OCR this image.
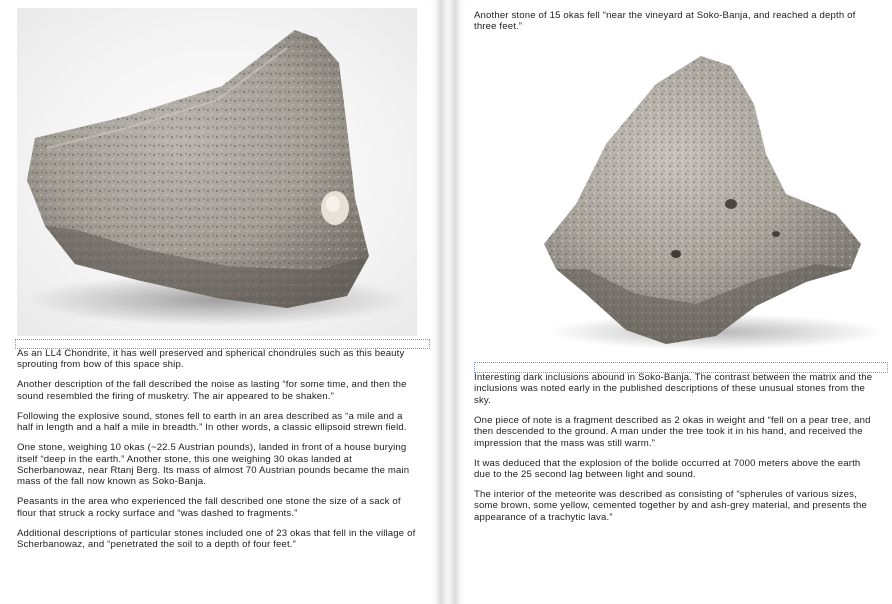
As an LL4 Chondrite, it has well preserved and spherical chondrules such as this beauty sprouting from bow of this space ship.

Another description of the fall described the noise as lasting “for some time, and then the sound resembled the firing of musketry. The air appeared to be shaken.”

Following the explosive sound, stones fell to earth in an area described as “a mile and a half in length and a half a mile in breadth.” In other words, a classic ellipsoid strewn field.

One stone, weighing 10 okas (~22.5 Austrian pounds), landed in front of a house burying itself “deep in the earth.” Another stone, this one weighing 30 okas landed at Scherbanowaz, near Rtanj Berg. Its mass of almost 70 Austrian pounds became the main mass of the fall now known as Soko-Banja.

Peasants in the area who experienced the fall described one stone the size of a sack of flour that struck a rocky surface and “was dashed to fragments.”

Additional descriptions of particular stones included one of 23 okas that fell in the village of Scherbanowaz, and “penetrated the soil to a depth of four feet.”

Another stone of 15 okas fell “near the vineyard at Soko-Banja, and reached a depth of three feet.”

Interesting dark inclusions abound in Soko-Banja. The contrast between the matrix and the inclusions was noted early in the published descriptions of these unusual stones from the sky.

One piece of note is a fragment described as 2 okas in weight and “fell on a pear tree, and then descended to the ground. A man under the tree took it in his hand, and received the impression that the mass was still warm.”

It was deduced that the explosion of the bolide occurred at 7000 meters above the earth due to the 25 second lag between light and sound.

The interior of the meteorite was described as consisting of “spherules of various sizes, some brown, some yellow, cemented together by and ash-grey material, and presents the appearance of a trachytic lava.”
